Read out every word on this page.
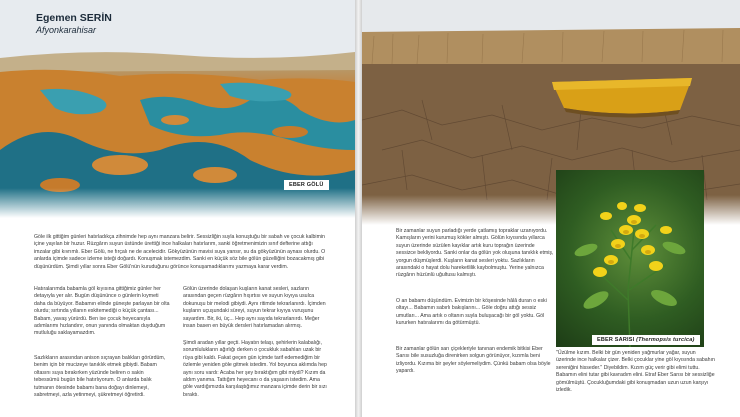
Egemen SERİN
Afyonkarahisar

Göle ilk gittiğim günleri hatırladıkça zihnimde hep aynı manzara belirir. Sessizliğin suyla konuştuğu bir sabah ve çocuk kalbimin içine yayılan bir huzur. Rüzgârın suyun üstünde ürettiği ince halkaları hatırlarım, sanki öğretmenimizin sınıf defterine attığı imzalar gibi kıvrımlı. Eber Gölü, ne fırçalı ne de acelecidir. Gökyüzünün mavisi suya yansır, su da gökyüzünün aynası olurdu. O anlarda içimde sadece izleme isteği doğardı. Konuşmak istemezdim. Sanki en küçük söz bile gölün güzelliğini bozacakmış gibi düşünürdüm. Şimdi yıllar sonra Eber Gölü'nün kuruduğunu görünce konuşamadıklarımı yazmaya karar verdim.

Hatıralarımda babamla göl kıyısına gittiğimiz günler her detayıyla yer alır. Bugün düşününce o günlerin kıymeti daha da büyüyor. Babamın elinde güneşte parlayan bir olta olurdu; sırtında yıllanın eskitemediği o küçük çantası... Babam, yavaş yürürdü. Ben ise çocuk heyecanıyla adımlarımı hızlandırır, onun yanında olmaktan duyduğum mutluluğu saklayamazdım.

Sazlıkların arasından anison sıçrayan balıkları görürdüm, benim için bir mucizeye tanıklık etmek gibiydi. Babam oltasını suya bırakırken yüzünde beliren o sakin tebessümü bugün bile hatırlıyorum. O anlarda balık tutmanın ötesinde babamı bana doğayı dinlemeyi, sabretmeyi, azla yetinmeyi, şükretmeyi öğretirdi.

Gölün üzerinde dolaşan kuşların kanat sesleri, sazların arasından geçen rüzgârın hışırtısı ve suyun kıyıya usulca dokunuşu bir melodi gibiydi. Aynı ritimde tekrarlanırdı. İçimden kuşların uçuşundaki süreyi, suyun tekrar kıyıya vuruşunu sayardım. Bir, iki, üç... Hep aynı sayıda tekrarlanırdı. Meğer insan basen en büyük dersleri hatırlamadan alırmış.

Şimdi aradan yıllar geçti. Hayatın telaşı, şehirlerin kalabalığı, sorumlulukların ağırlığı derken o çocukluk sabahları uzak bir rüya gibi kaldı. Fakat geçen gün içimde tarif edemediğim bir özlemle yeniden göle gitmek istedim. Yol boyunca aklımda hep aynı soru vardı: Acaba her şey bıraktığım gibi miydi? Kızım da aldım yanıma. Tattığım heyecanı o da yaşasın istedim. Ama göle vardığımızda karşılaştığımız manzara içimde derin bir sızı bıraktı.

EBER GÖLÜ

Bir zamanlar suyun parladığı yerde çatlamış topraklar uzanıyordu. Kamışların yerini kurumuş kökler almıştı. Gölün kıyısında yıllarca suyun üzerinde süzülen kayıklar artık kuru toprağın üzerinde sessizce bekliyordu. Sanki onlar da gölün yok oluşuna tanıklık etmiş, yorgun düşmüşlerdi. Kuşların kanat sesleri yoktu. Sazlıkların arasındaki o hayat dolu hareketlilik kaybolmuştu. Yerine yalnızca rüzgârın hüzünlü uğultusu kalmıştı.

O an babamı düşündüm. Evimizin bir köşesinde hâlâ duran o eski oltayı... Babamın sabırlı bakışlarını... Göle doğru attığı sessiz umutları... Ama artık o oltanın suyla buluşacağı bir göl yoktu. Göl kururken hatıralarımı da götürmüştü.

Bir zamanlar gölün sarı çiçekleriyle tanınan endemik bitkisi Eber Sarısı bile susuzluğa direnirken solgun görünüyor, kızımla beni izliyordu. Kızıma bir şeyler söylemeliydim. Çünkü babam olsa böyle yapardı.

"Üzülme kızım. Belki bir gün yeniden yağmurlar yağar, suyun üzerinde ince halkalar çizer. Belki çocuklar yine göl kıyısında sabahın sereniğini hisseder." Diyebildim. Kızım güç verir gibi elimi tuttu. Babamın elini tutar gibi kavradım elini. Etraf Eber Sarısı bir sessizliğe gömülmüştü. Çocukluğumdaki gibi konuşmadan uzun uzun karşıyı izledik.

EBER SARISI (Thermopsis turcica)
